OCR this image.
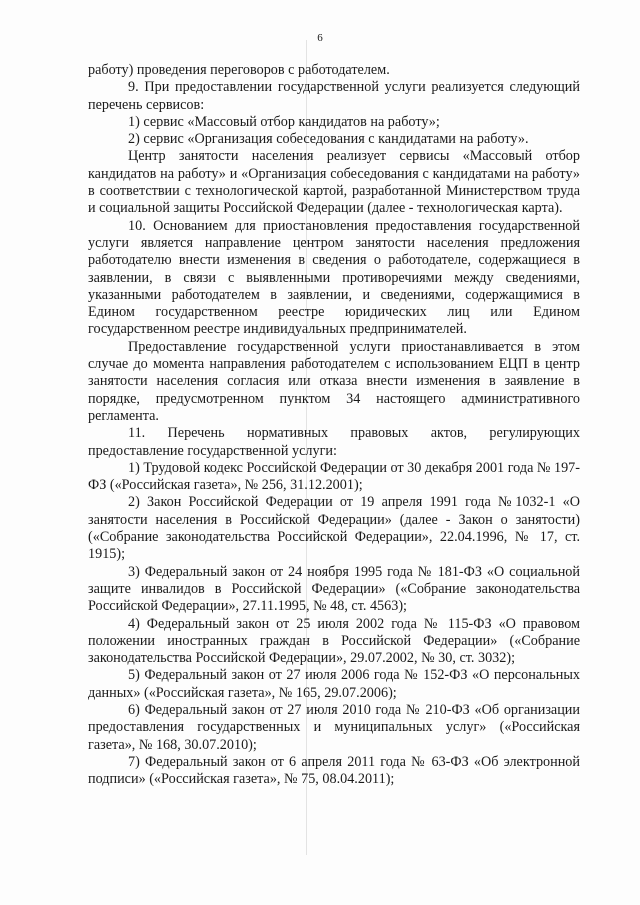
6

работу) проведения переговоров с работодателем.

9. При предоставлении государственной услуги реализуется следующий перечень сервисов:

1) сервис «Массовый отбор кандидатов на работу»;

2) сервис «Организация собеседования с кандидатами на работу».

Центр занятости населения реализует сервисы «Массовый отбор кандидатов на работу» и «Организация собеседования с кандидатами на работу» в соответствии с технологической картой, разработанной Министерством труда и социальной защиты Российской Федерации (далее - технологическая карта).

10. Основанием для приостановления предоставления государственной услуги является направление центром занятости населения предложения работодателю внести изменения в сведения о работодателе, содержащиеся в заявлении, в связи с выявленными противоречиями между сведениями, указанными работодателем в заявлении, и сведениями, содержащимися в Едином государственном реестре юридических лиц или Едином государственном реестре индивидуальных предпринимателей.

Предоставление государственной услуги приостанавливается в этом случае до момента направления работодателем с использованием ЕЦП в центр занятости населения согласия или отказа внести изменения в заявление в порядке, предусмотренном пунктом 34 настоящего административного регламента.

11. Перечень нормативных правовых актов, регулирующих предоставление государственной услуги:

1) Трудовой кодекс Российской Федерации от 30 декабря 2001 года № 197-ФЗ («Российская газета», № 256, 31.12.2001);

2) Закон Российской Федерации от 19 апреля 1991 года №1032-1 «О занятости населения в Российской Федерации» (далее - Закон о занятости) («Собрание законодательства Российской Федерации», 22.04.1996, № 17, ст. 1915);

3) Федеральный закон от 24 ноября 1995 года № 181-ФЗ «О социальной защите инвалидов в Российской Федерации» («Собрание законодательства Российской Федерации», 27.11.1995, № 48, ст. 4563);

4) Федеральный закон от 25 июля 2002 года № 115-ФЗ «О правовом положении иностранных граждан в Российской Федерации» («Собрание законодательства Российской Федерации», 29.07.2002, № 30, ст. 3032);

5) Федеральный закон от 27 июля 2006 года № 152-ФЗ «О персональных данных» («Российская газета», № 165, 29.07.2006);

6) Федеральный закон от 27 июля 2010 года № 210-ФЗ «Об организации предоставления государственных и муниципальных услуг» («Российская газета», № 168, 30.07.2010);

7) Федеральный закон от 6 апреля 2011 года № 63-ФЗ «Об электронной подписи» («Российская газета», № 75, 08.04.2011);
